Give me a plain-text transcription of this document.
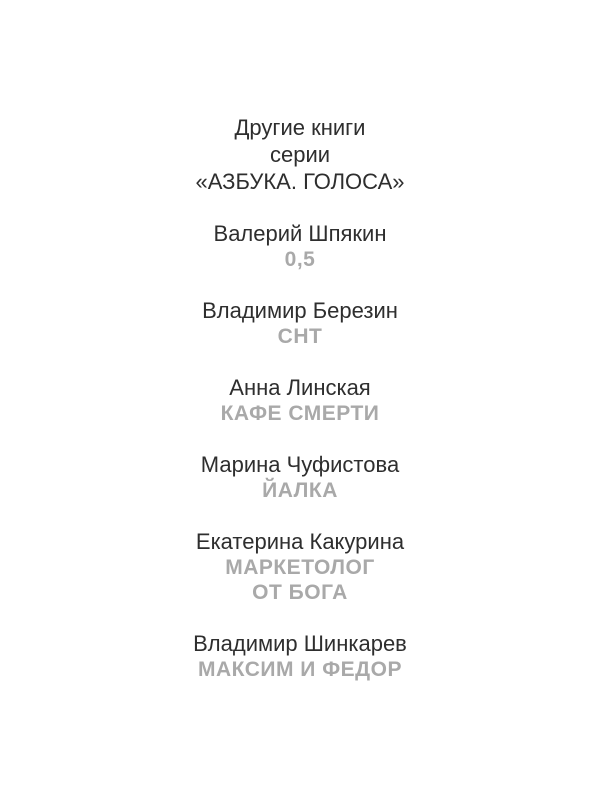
Другие книги
серии
«АЗБУКА. ГОЛОСА»
Валерий Шпякин
0,5
Владимир Березин
СНТ
Анна Линская
КАФЕ СМЕРТИ
Марина Чуфистова
ЙАЛКА
Екатерина Какурина
МАРКЕТОЛОГ
ОТ БОГА
Владимир Шинкарев
МАКСИМ И ФЕДОР
